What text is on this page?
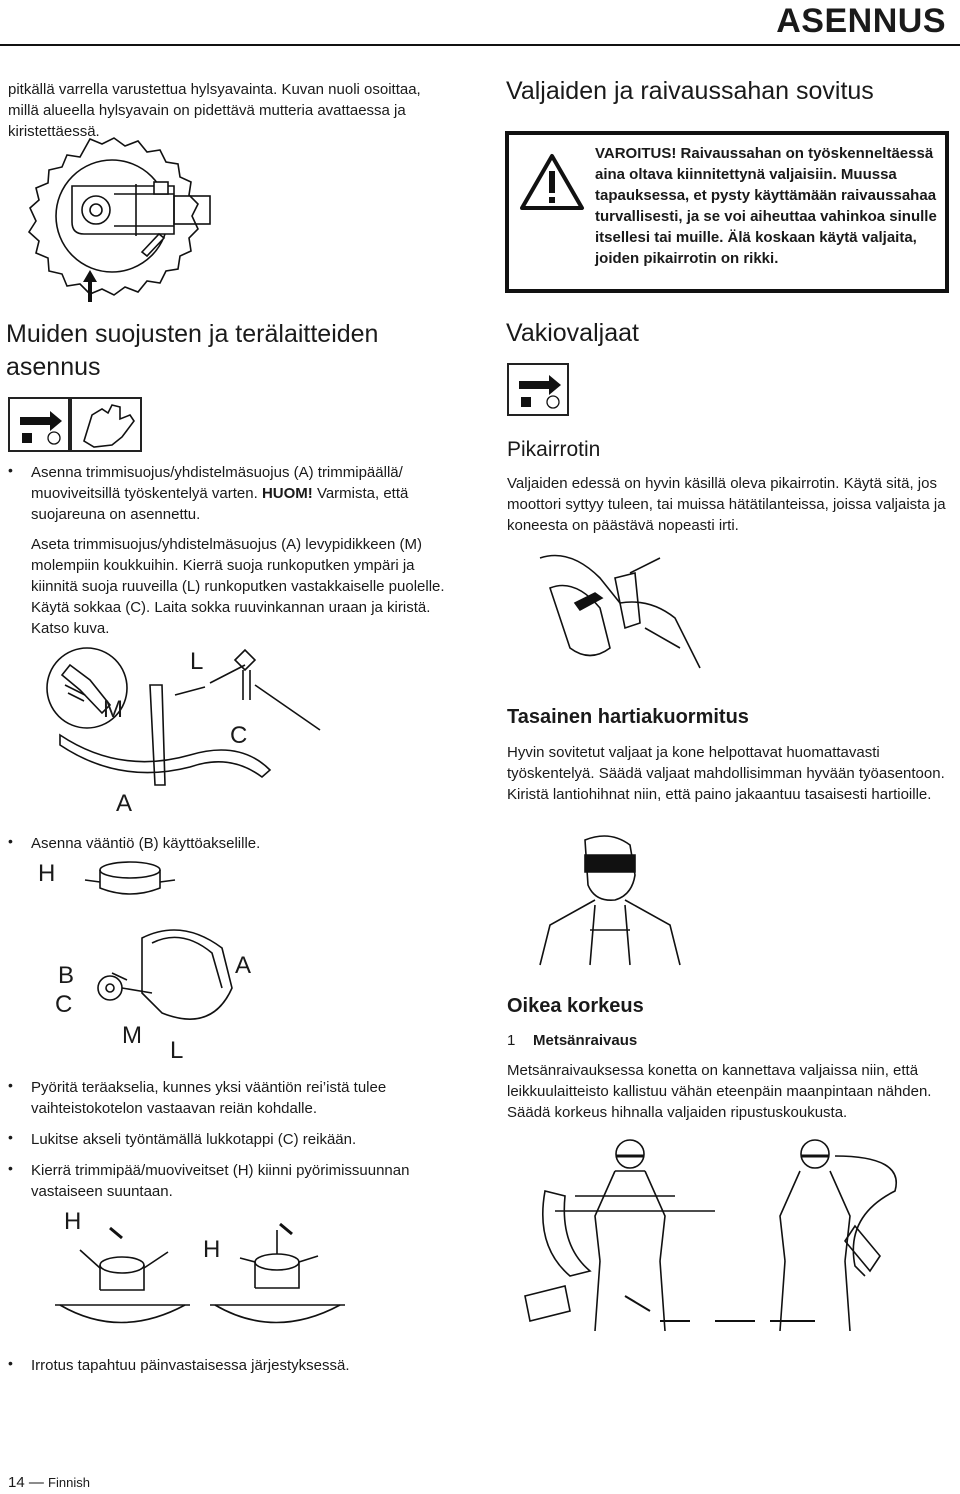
ASENNUS

pitkällä varrella varustettua hylsyavainta. Kuvan nuoli osoittaa, millä alueella hylsyavain on pidettävä mutteria avattaessa ja kiristettäessä.

Muiden suojusten ja terälaitteiden
asennus
• Asenna trimmisuojus/yhdistelmäsuojus (A) trimmipäällä/ muoviveitsillä työskentelyä varten. HUOM! Varmista, että suojareuna on asennettu.

Aseta trimmisuojus/yhdistelmäsuojus (A) levypidikkeen (M) molempiin koukkuihin. Kierrä suoja runkoputken ympäri ja kiinnitä suoja ruuveilla (L) runkoputken vastakkaiselle puolelle. Käytä sokkaa (C). Laita sokka ruuvinkannan uraan ja kiristä. Katso kuva.

L
M
C
A
• Asenna vääntiö (B) käyttöakselille.

H
B
C
A
M
L
• Pyöritä teräakselia, kunnes yksi vääntiön rei’istä tulee vaihteistokotelon vastaavan reiän kohdalle.

• Lukitse akseli työntämällä lukkotappi (C) reikään.

• Kierrä trimmipää/muoviveitset (H) kiinni pyörimissuunnan vastaiseen suuntaan.

H
H
• Irrotus tapahtuu päinvastaisessa järjestyksessä.

14 — Finnish
Valjaiden ja raivaussahan sovitus
VAROITUS! Raivaussahan on työskenneltäessä aina oltava kiinnitettynä valjaisiin. Muussa tapauksessa, et pysty käyttämään raivaussahaa turvallisesti, ja se voi aiheuttaa vahinkoa sinulle itsellesi tai muille. Älä koskaan käytä valjaita, joiden pikairrotin on rikki.
Vakiovaljaat
Pikairrotin

Valjaiden edessä on hyvin käsillä oleva pikairrotin. Käytä sitä, jos moottori syttyy tuleen, tai muissa hätätilanteissa, joissa valjaista ja koneesta on päästävä nopeasti irti.

Tasainen hartiakuormitus

Hyvin sovitetut valjaat ja kone helpottavat huomattavasti työskentelyä. Säädä valjaat mahdollisimman hyvään työasentoon. Kiristä lantiohihnat niin, että paino jakaantuu tasaisesti hartioille.

Oikea korkeus
1 Metsänraivaus

Metsänraivauksessa konetta on kannettava valjaissa niin, että leikkuulaitteisto kallistuu vähän eteenpäin maanpintaan nähden. Säädä korkeus hihnalla valjaiden ripustuskoukusta.
